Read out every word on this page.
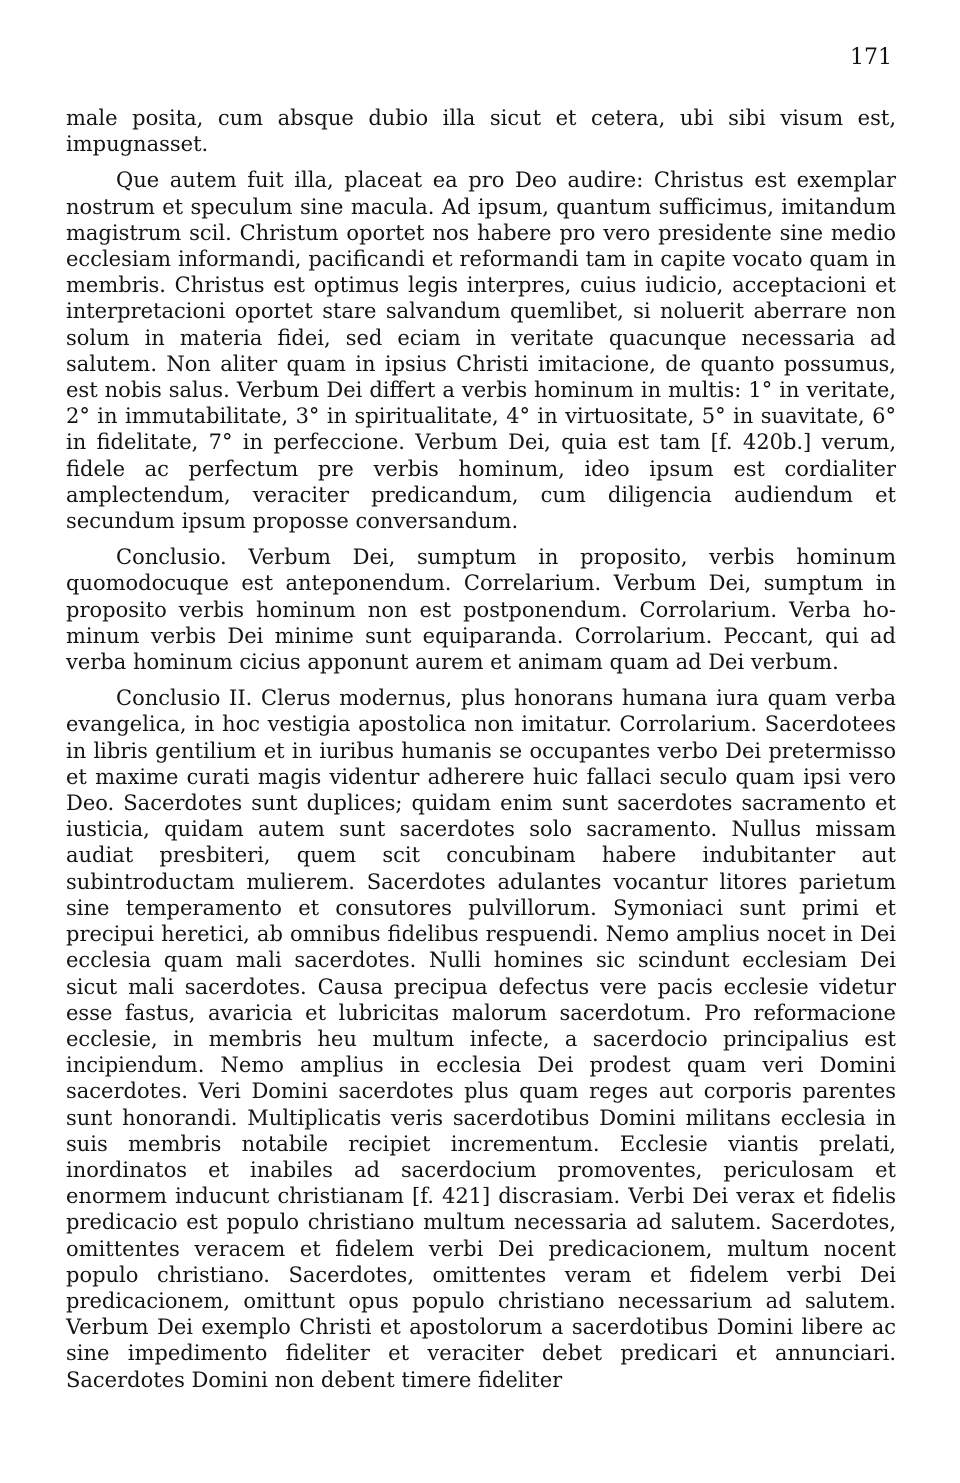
171

male posita, cum absque dubio illa sicut et cetera, ubi sibi visum est, impugnasset.

Que autem fuit illa, placeat ea pro Deo audire: Christus est exemplar nostrum et speculum sine macula. Ad ipsum, quantum sufficimus, imitandum magistrum scil. Christum oportet nos habere pro vero presidente sine medio ecclesiam informandi, pacificandi et reformandi tam in capite vocato quam in membris. Christus est optimus legis interpres, cuius iudicio, acceptacioni et interpretacioni oportet stare salvandum quemlibet, si noluerit aberrare non solum in materia fidei, sed eciam in veritate quacunque necessaria ad salutem. Non aliter quam in ipsius Christi imitacione, de quanto possumus, est nobis salus. Verbum Dei differt a verbis hominum in multis: 1° in veritate, 2° in immutabilitate, 3° in spiritualitate, 4° in virtuositate, 5° in suavitate, 6° in fidelitate, 7° in perfeccione. Verbum Dei, quia est tam [f. 420b.] verum, fidele ac perfectum pre verbis hominum, ideo ipsum est cordialiter amplectendum, veraciter predicandum, cum diligencia audiendum et secundum ipsum proposse conversandum.

Conclusio. Verbum Dei, sumptum in proposito, verbis hominum quomodocuque est anteponendum. Correlarium. Verbum Dei, sumptum in proposito verbis hominum non est postponendum. Corrolarium. Verba hominum verbis Dei minime sunt equiparanda. Corrolarium. Peccant, qui ad verba hominum cicius apponunt aurem et animam quam ad Dei verbum.

Conclusio II. Clerus modernus, plus honorans humana iura quam verba evangelica, in hoc vestigia apostolica non imitatur. Corrolarium. Sacerdotees in libris gentilium et in iuribus humanis se occupantes verbo Dei pretermisso et maxime curati magis videntur adherere huic fallaci seculo quam ipsi vero Deo. Sacerdotes sunt duplices; quidam enim sunt sacerdotes sacramento et iusticia, quidam autem sunt sacerdotes solo sacramento. Nullus missam audiat presbiteri, quem scit concubinam habere indubitanter aut subintroductam mulierem. Sacerdotes adulantes vocantur litores parietum sine temperamento et consutores pulvillorum. Symoniaci sunt primi et precipui heretici, ab omnibus fidelibus respuendi. Nemo amplius nocet in Dei ecclesia quam mali sacerdotes. Nulli homines sic scindunt ecclesiam Dei sicut mali sacerdotes. Causa precipua defectus vere pacis ecclesie videtur esse fastus, avaricia et lubricitas malorum sacerdotum. Pro reformacione ecclesie, in membris heu multum infecte, a sacerdocio principalius est incipiendum. Nemo amplius in ecclesia Dei prodest quam veri Domini sacerdotes. Veri Domini sacerdotes plus quam reges aut corporis parentes sunt honorandi. Multiplicatis veris sacerdotibus Domini militans ecclesia in suis membris notabile recipiet incrementum. Ecclesie viantis prelati, inordinatos et inabiles ad sacerdocium promoventes, periculosam et enormem inducunt christianam [f. 421] discrasiam. Verbi Dei verax et fidelis predicacio est populo christiano multum necessaria ad salutem. Sacerdotes, omittentes veracem et fidelem verbi Dei predicacionem, multum nocent populo christiano. Sacerdotes, omittentes veram et fidelem verbi Dei predicacionem, omittunt opus populo christiano necessarium ad salutem. Verbum Dei exemplo Christi et apostolorum a sacerdotibus Domini libere ac sine impedimento fideliter et veraciter debet predicari et annunciari. Sacerdotes Domini non debent timere fideliter
